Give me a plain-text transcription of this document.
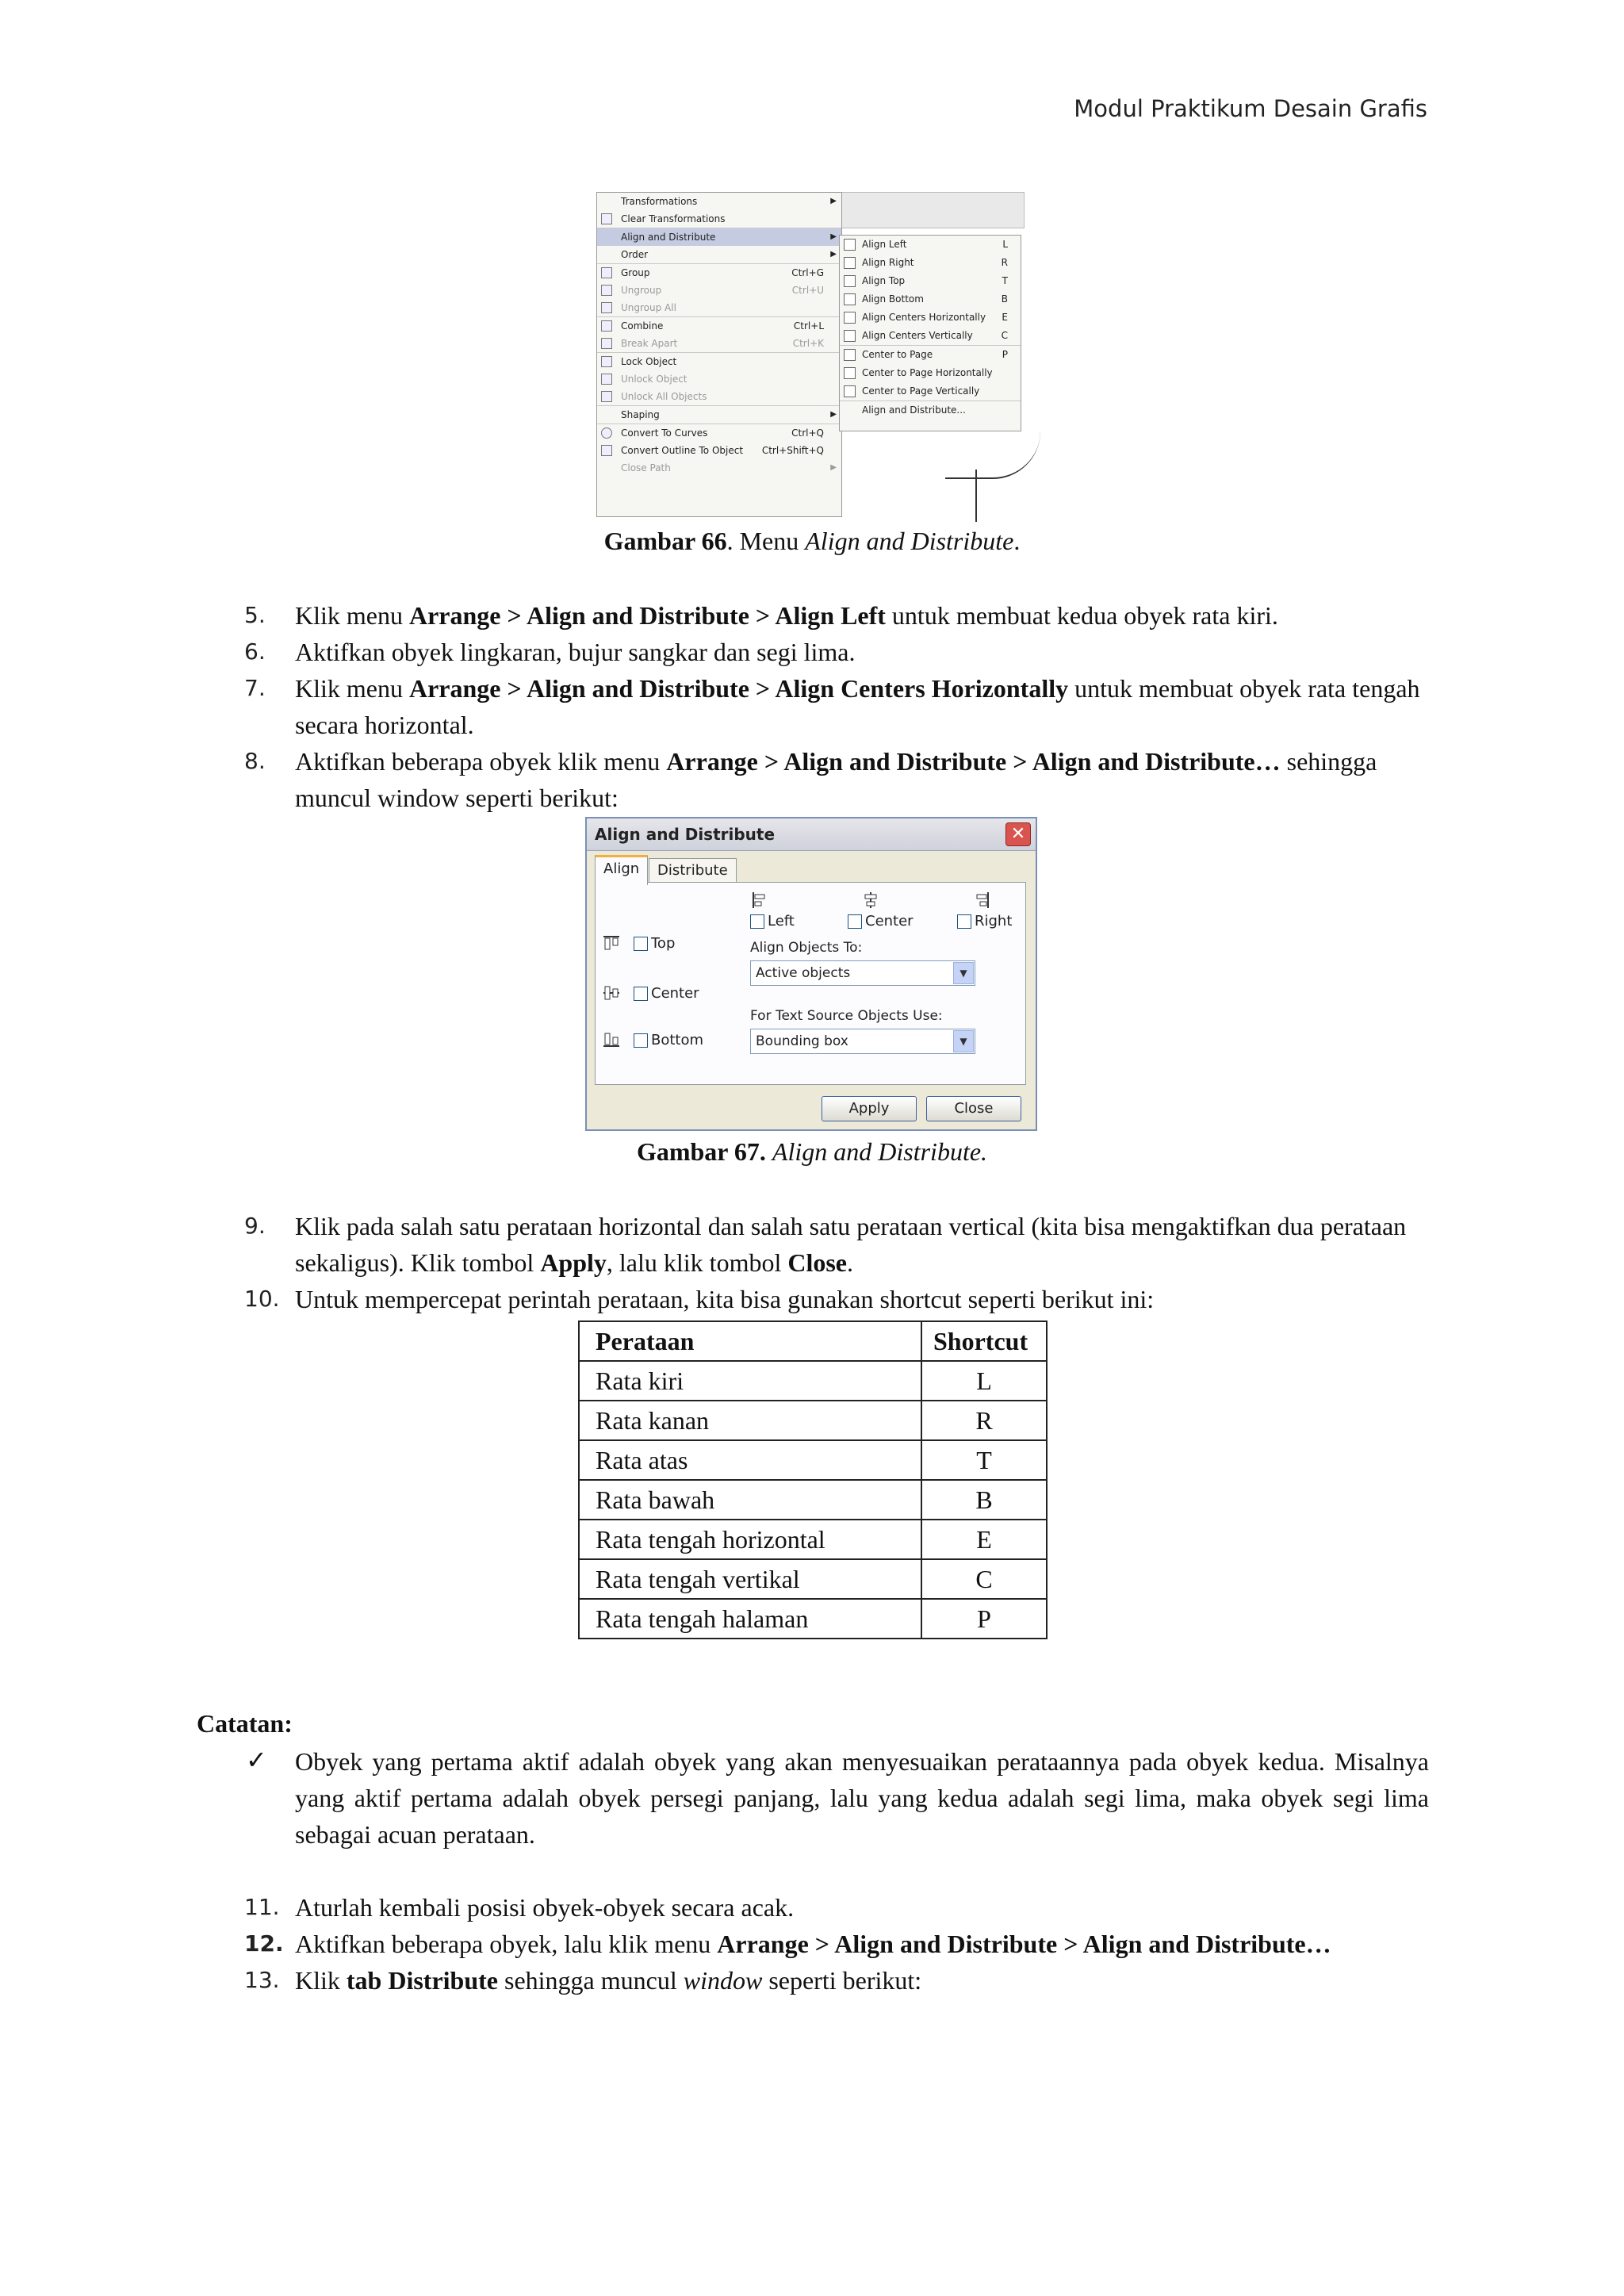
Modul Praktikum Desain Grafis
Transformations	▶
Clear Transformations
Align and Distribute	▶
Order	▶
Group	Ctrl+G
Ungroup	Ctrl+U
Ungroup All
Combine	Ctrl+L
Break Apart	Ctrl+K
Lock Object
Unlock Object
Unlock All Objects
Shaping	▶
Convert To Curves	Ctrl+Q
Convert Outline To Object Ctrl+Shift+Q
Close Path	▶
Align Left	L
Align Right	R
Align Top	T
Align Bottom	B
Align Centers Horizontally E
Align Centers Vertically	C
Center to Page	P
Center to Page Horizontally
Center to Page Vertically
Align and Distribute...
Gambar 66. Menu Align and Distribute.
5. Klik menu Arrange > Align and Distribute > Align Left untuk membuat kedua obyek rata kiri.
6. Aktifkan obyek lingkaran, bujur sangkar dan segi lima.
7. Klik menu Arrange > Align and Distribute > Align Centers Horizontally untuk membuat obyek rata tengah secara horizontal.
8. Aktifkan beberapa obyek klik menu Arrange > Align and Distribute > Align and Distribute… sehingga muncul window seperti berikut:
Align and Distribute	✕
Align	Distribute
Left	Center	Right
Top
Center
Bottom
Align Objects To:
Active objects	▼
For Text Source Objects Use:
Bounding box	▼
Apply	Close
Gambar 67. Align and Distribute.
9. Klik pada salah satu perataan horizontal dan salah satu perataan vertical (kita bisa mengaktifkan dua perataan sekaligus). Klik tombol Apply, lalu klik tombol Close.
10. Untuk mempercepat perintah perataan, kita bisa gunakan shortcut seperti berikut ini:
Perataan	Shortcut
Rata kiri	L
Rata kanan	R
Rata atas	T
Rata bawah	B
Rata tengah horizontal	E
Rata tengah vertikal	C
Rata tengah halaman	P
Catatan:
✓ Obyek yang pertama aktif adalah obyek yang akan menyesuaikan perataannya pada obyek kedua. Misalnya yang aktif pertama adalah obyek persegi panjang, lalu yang kedua adalah segi lima, maka obyek segi lima sebagai acuan perataan.
11. Aturlah kembali posisi obyek-obyek secara acak.
12. Aktifkan beberapa obyek, lalu klik menu Arrange > Align and Distribute > Align and Distribute…
13. Klik tab Distribute sehingga muncul window seperti berikut:
